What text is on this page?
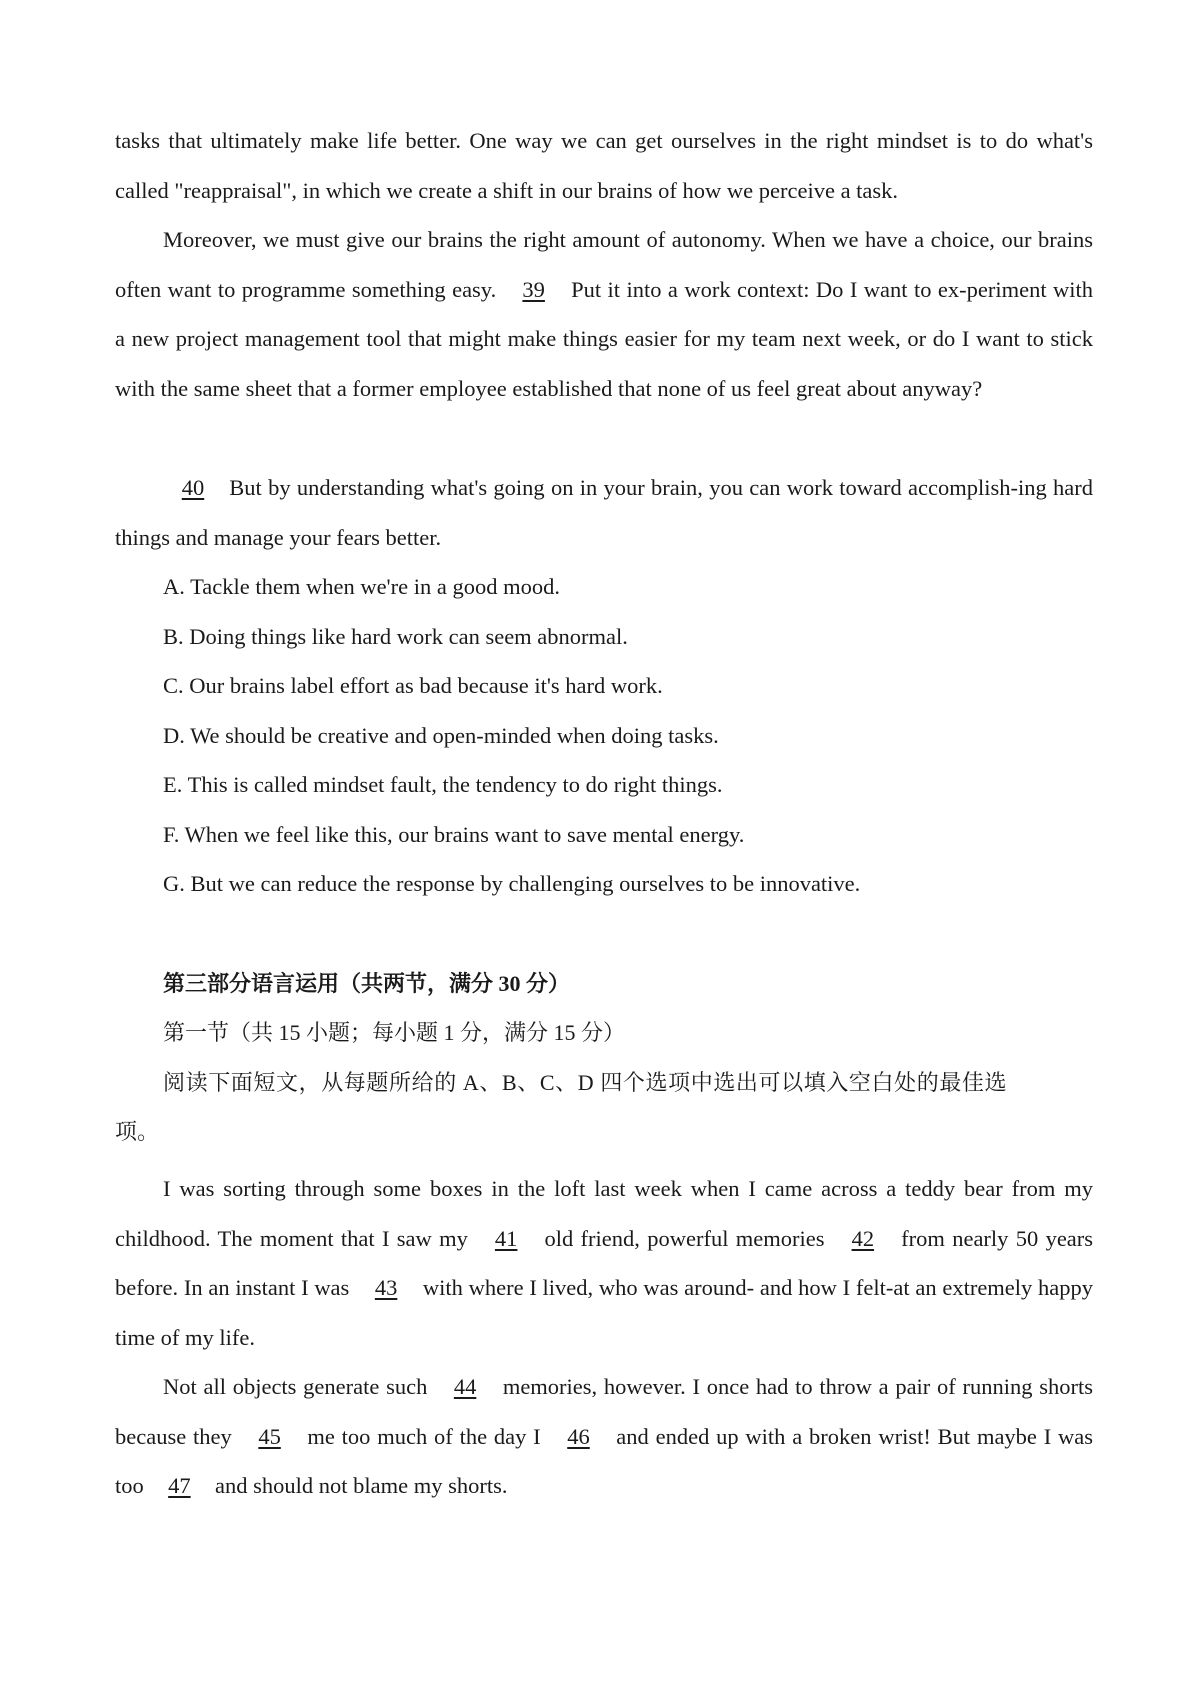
tasks that ultimately make life better. One way we can get ourselves in the right mindset is to do what's called "reappraisal", in which we create a shift in our brains of how we perceive a task.

Moreover, we must give our brains the right amount of autonomy. When we have a choice, our brains often want to programme something easy. 39 Put it into a work context: Do I want to ex-periment with a new project management tool that might make things easier for my team next week, or do I want to stick with the same sheet that a former employee established that none of us feel great about anyway?

40 But by understanding what's going on in your brain, you can work toward accomplish-ing hard things and manage your fears better.

A. Tackle them when we're in a good mood.
B. Doing things like hard work can seem abnormal.
C. Our brains label effort as bad because it's hard work.
D. We should be creative and open-minded when doing tasks.
E. This is called mindset fault, the tendency to do right things.
F. When we feel like this, our brains want to save mental energy.
G. But we can reduce the response by challenging ourselves to be innovative.
第三部分语言运用（共两节，满分 30 分）
第一节（共 15 小题；每小题 1 分，满分 15 分）
阅读下面短文，从每题所给的 A、B、C、D 四个选项中选出可以填入空白处的最佳选
项。

I was sorting through some boxes in the loft last week when I came across a teddy bear from my childhood. The moment that I saw my 41 old friend, powerful memories 42 from nearly 50 years before. In an instant I was 43 with where I lived, who was around- and how I felt-at an extremely happy time of my life.

Not all objects generate such 44 memories, however. I once had to throw a pair of running shorts because they 45 me too much of the day I 46 and ended up with a broken wrist! But maybe I was too 47 and should not blame my shorts.
